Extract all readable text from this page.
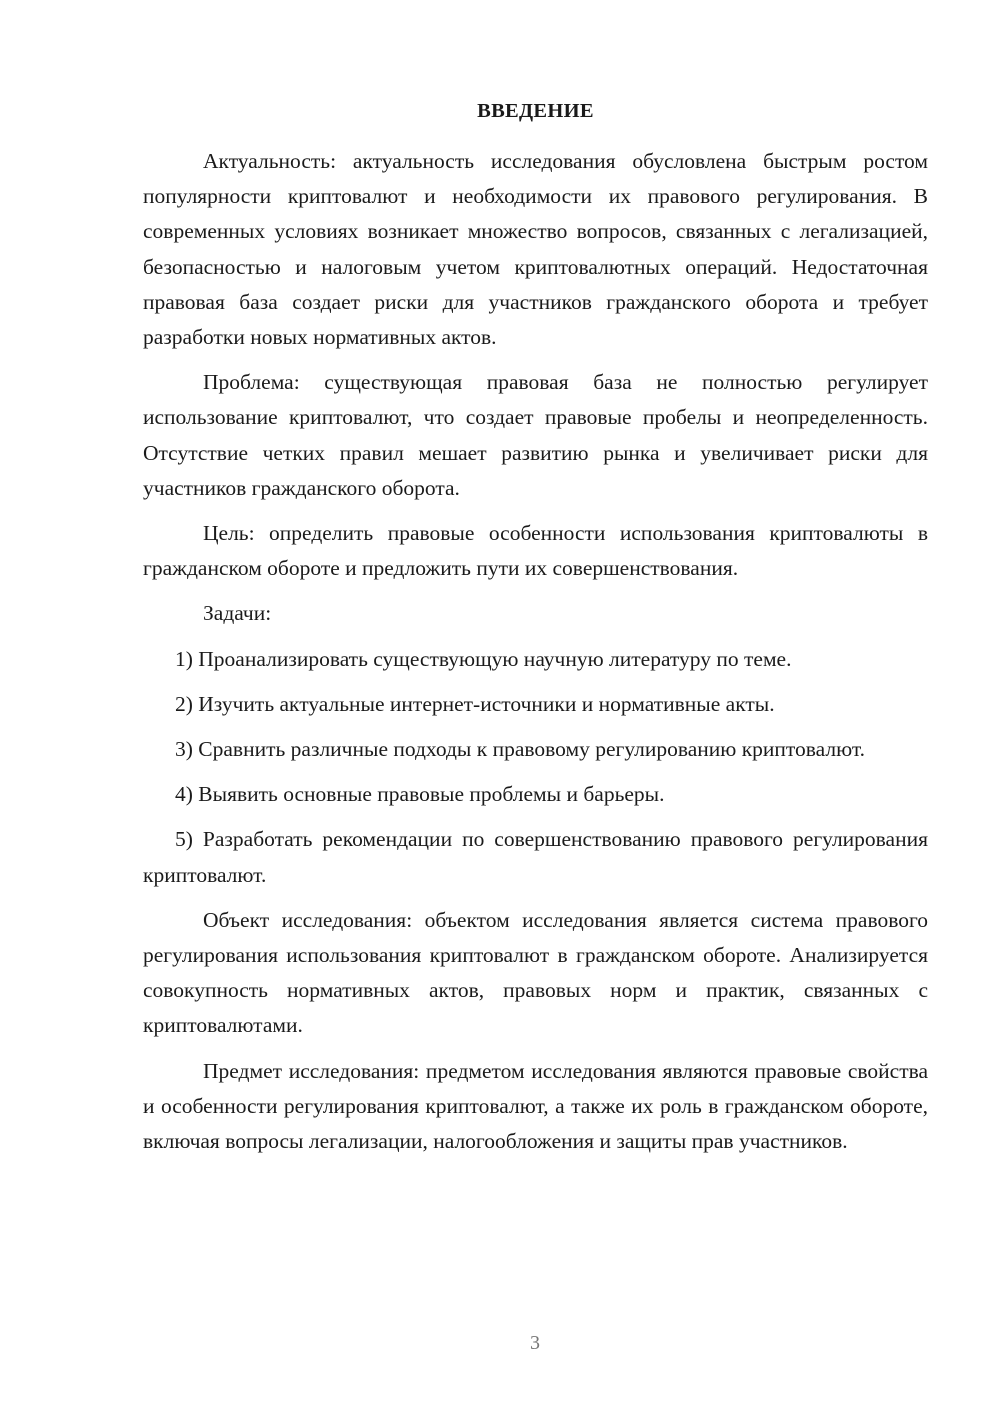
ВВЕДЕНИЕ

Актуальность: актуальность исследования обусловлена быстрым ростом популярности криптовалют и необходимости их правового регулирования. В современных условиях возникает множество вопросов, связанных с легализацией, безопасностью и налоговым учетом криптовалютных операций. Недостаточная правовая база создает риски для участников гражданского оборота и требует разработки новых нормативных актов.

Проблема: существующая правовая база не полностью регулирует использование криптовалют, что создает правовые пробелы и неопределенность. Отсутствие четких правил мешает развитию рынка и увеличивает риски для участников гражданского оборота.

Цель: определить правовые особенности использования криптовалюты в гражданском обороте и предложить пути их совершенствования.

Задачи:

1) Проанализировать существующую научную литературу по теме.

2) Изучить актуальные интернет-источники и нормативные акты.

3) Сравнить различные подходы к правовому регулированию криптовалют.

4) Выявить основные правовые проблемы и барьеры.

5) Разработать рекомендации по совершенствованию правового регулирования криптовалют.

Объект исследования: объектом исследования является система правового регулирования использования криптовалют в гражданском обороте. Анализируется совокупность нормативных актов, правовых норм и практик, связанных с криптовалютами.

Предмет исследования: предметом исследования являются правовые свойства и особенности регулирования криптовалют, а также их роль в гражданском обороте, включая вопросы легализации, налогообложения и защиты прав участников.

3
